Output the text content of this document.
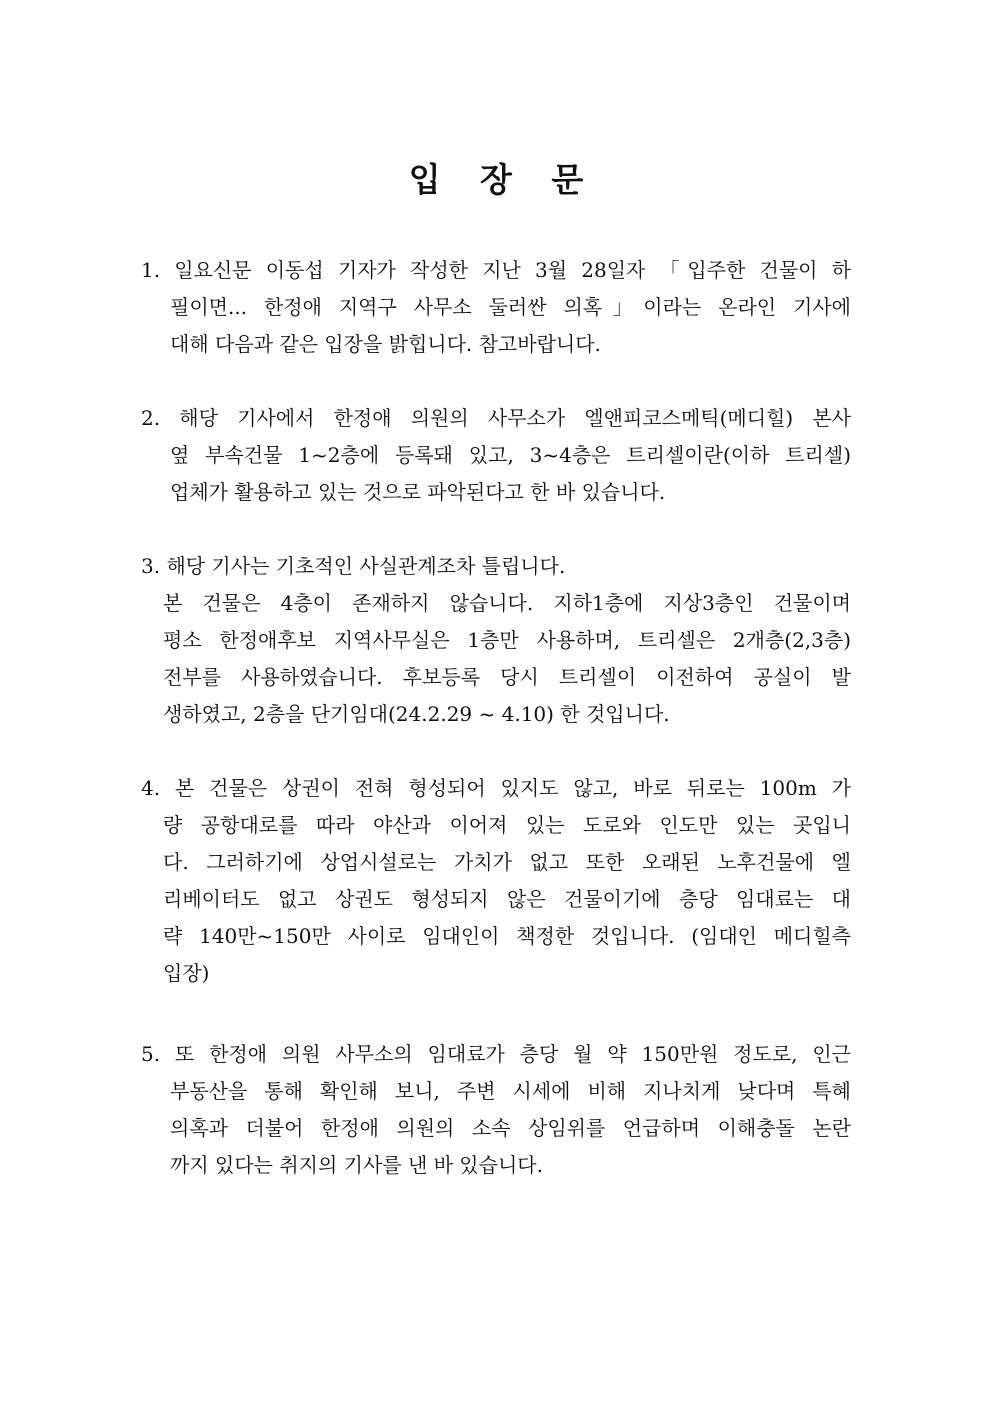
입 장 문
1. 일요신문 이동섭 기자가 작성한 지난 3월 28일자 「입주한 건물이 하
필이면... 한정애 지역구 사무소 둘러싼 의혹」이라는 온라인 기사에
대해 다음과 같은 입장을 밝힙니다. 참고바랍니다.
2. 해당 기사에서 한정애 의원의 사무소가 엘앤피코스메틱(메디힐) 본사
옆 부속건물 1~2층에 등록돼 있고, 3~4층은 트리셀이란(이하 트리셀)
업체가 활용하고 있는 것으로 파악된다고 한 바 있습니다.
3. 해당 기사는 기초적인 사실관계조차 틀립니다.
본 건물은 4층이 존재하지 않습니다. 지하1층에 지상3층인 건물이며
평소 한정애후보 지역사무실은 1층만 사용하며, 트리셀은 2개층(2,3층)
전부를 사용하였습니다. 후보등록 당시 트리셀이 이전하여 공실이 발
생하였고, 2층을 단기임대(24.2.29 ~ 4.10) 한 것입니다.
4. 본 건물은 상권이 전혀 형성되어 있지도 않고, 바로 뒤로는 100m 가
량 공항대로를 따라 야산과 이어져 있는 도로와 인도만 있는 곳입니
다. 그러하기에 상업시설로는 가치가 없고 또한 오래된 노후건물에 엘
리베이터도 없고 상권도 형성되지 않은 건물이기에 층당 임대료는 대
략 140만~150만 사이로 임대인이 책정한 것입니다. (임대인 메디힐측
입장)
5. 또 한정애 의원 사무소의 임대료가 층당 월 약 150만원 정도로, 인근
부동산을 통해 확인해 보니, 주변 시세에 비해 지나치게 낮다며 특혜
의혹과 더불어 한정애 의원의 소속 상임위를 언급하며 이해충돌 논란
까지 있다는 취지의 기사를 낸 바 있습니다.
